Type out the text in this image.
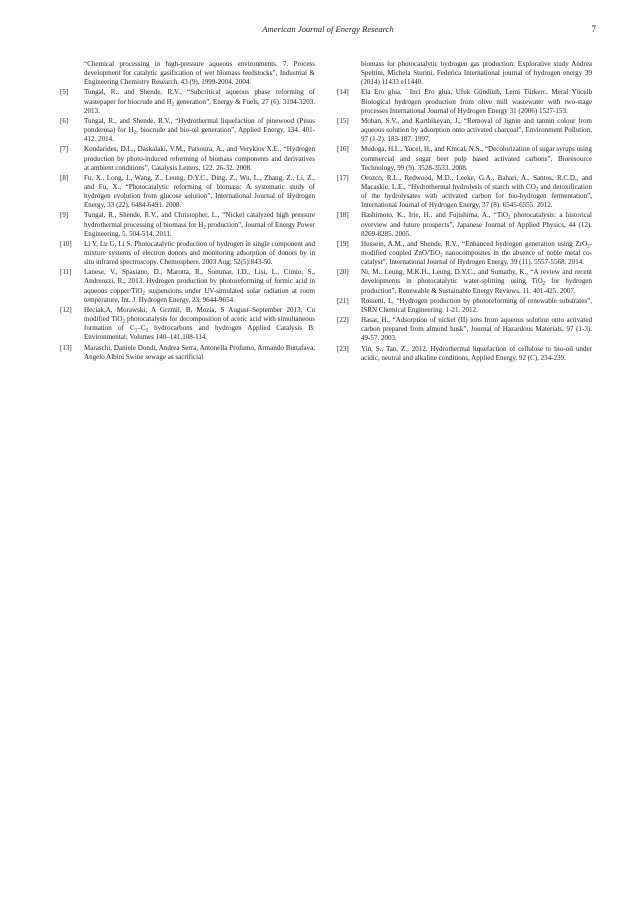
American Journal of Energy Research	7
“Chemical processing in high-pressure aqueous environments. 7. Process development for catalytic gasification of wet biomass feedstocks”, Industrial & Engineering Chemistry Research, 43 (9). 1999-2004. 2004.
[5] Tungal, R., and Shende, R.V., “Subcritical aqueous phase reforming of wastepaper for biocrude and $H_2$ generation”, Energy & Fuels, 27 (6). 3194-3203. 2013.
[6] Tungal, R., and Shende, R.V., “Hydrothermal liquefaction of pinewood (Pinus ponderosa) for $H_2$, biocrude and bio-oil generation”, Applied Energy, 134. 401-412. 2014.
[7] Kondarides, D.L., Daskalaki, V.M., Patsoura, A., and Verykios X.E., “Hydrogen production by photo-induced reforming of biomass components and derivatives at ambient conditions”, Catalysis Letters, 122. 26-32. 2008.
[8] Fu, X., Long, J., Wang, Z., Leung, D.Y.C., Ding, Z., Wu, L., Zhang, Z., Li, Z., and Fu, X., “Photocatalytic reforming of biomass: A systematic study of hydrogen evolution from glucose solution”, International Journal of Hydrogen Energy, 33 (22), 6484-6491. 2008.
[9] Tungal, R., Shende, R.V., and Christopher, L., “Nickel catalyzed high pressure hydrothermal processing of biomass for $H_2$ production”, Journal of Energy Power Engineering, 5. 504-514. 2011.
[10] Li Y, Lu G, Li S. Photocatalytic production of hydrogen in single component and mixture systems of electron donors and monitoring adsorption of donors by in situ infrared spectroscopy. Chemosphere. 2003 Aug; 52(5):843-50.
[11] Lanese, V., Spasiano, D., Marotta, R., Sommar, I.D., Lisi, L., Cimio, S., Andreozzi, R., 2013. Hydrogen production by photoreforming of formic acid in aqueous copper/TiO$_2$ suspensions under UV-simulated solar radiation at room temperature, Int. J. Hydrogen Energy, 23, 9644-9654.
[12] Heciak,A, Morawski, A Grzmil, B, Mozia, S August–September 2013; Cu modified TiO$_2$ photocatalysts for decomposition of acetic acid with simultaneous formation of $C_1-C_3$ hydrocarbons and hydrogen Applied Catalysis B: Environmental; Volumes 140–141,108-114.
[13] Maraschi, Daniele Dondi, Andrea Serra, Antonella Profumo, Armando Buttafava, Angelo Albini Swine sewage as sacrificial
biomass for photocatalytic hydrogen gas production: Explorative study Andrea Speltini, Michela Sturini, Federica International journal of hydrogen energy 39 (2014) 11433 e11440.
[14] Ela Ero glua, ˙Inci Ero glua, Ufuk Gündüzb, Lemi Türkerc, Meral Yücelb Biological hydrogen production from olive mill wastewater with two-stage processes International Journal of Hydrogen Energy 31 (2006) 1527-153.
[15] Mohan, S.V., and Karthikeyan, J., “Removal of lignin and tannin colour from aqueous solution by adsorption onto activated charcoal”, Environment Pollution, 97 (1-2). 183-187. 1997.
[16] Mudoga, H.L., Yucel, H., and Kincal, N.S., “Decolorization of sugar syrups using commercial and sugar beet pulp based activated carbons”, Bioresource Technology, 99 (9). 3528-3533. 2008.
[17] Orozco, R.L., Redwood, M.D., Leeke, G.A., Bahari, A., Santos, R.C.D., and Macaskie, L.E., “Hydrothermal hydrolysis of starch with $CO_2$ and detoxification of the hydrolysates with activated carbon for bio-hydrogen fermentation”, International Journal of Hydrogen Energy, 37 (8). 6545-6555. 2012.
[18] Hashimoto, K., Irie, H., and Fujishima, A., “TiO$_2$ photocatalysis: a historical overview and future prospects”, Japanese Journal of Applied Physics, 44 (12). 8269-8285. 2005.
[19] Hussein, A.M., and Shende, R.V., “Enhanced hydrogen generation using ZrO$_2$-modified coupled ZnO/TiO$_2$ nanocomposites in the absence of noble metal co-catalyst”, International Journal of Hydrogen Energy, 39 (11). 5557-5568. 2014.
[20] Ni, M., Leung, M.K.H., Leung, D.Y.C., and Sumathy, K., “A review and recent developments in photocatalytic water-splitting using TiO$_2$ for hydrogen production”, Renewable & Sustainable Energy Reviews, 11. 401-425. 2007.
[21] Rossetti, I., “Hydrogen production by photoreforming of renewable substrates”, ISRN Chemical Engineering. 1-21. 2012.
[22] Hasar, H., “Adsorption of nickel (II) ions from aqueous solution onto activated carbon prepared from almond husk”, Journal of Hazardous Materials, 97 (1-3). 49-57. 2003.
[23] Yin, S., Tan, Z., 2012. Hydrothermal liquefaction of cellulose to bio-oil under acidic, neutral and alkaline conditions, Applied Energy, 92 (C), 234-239.
